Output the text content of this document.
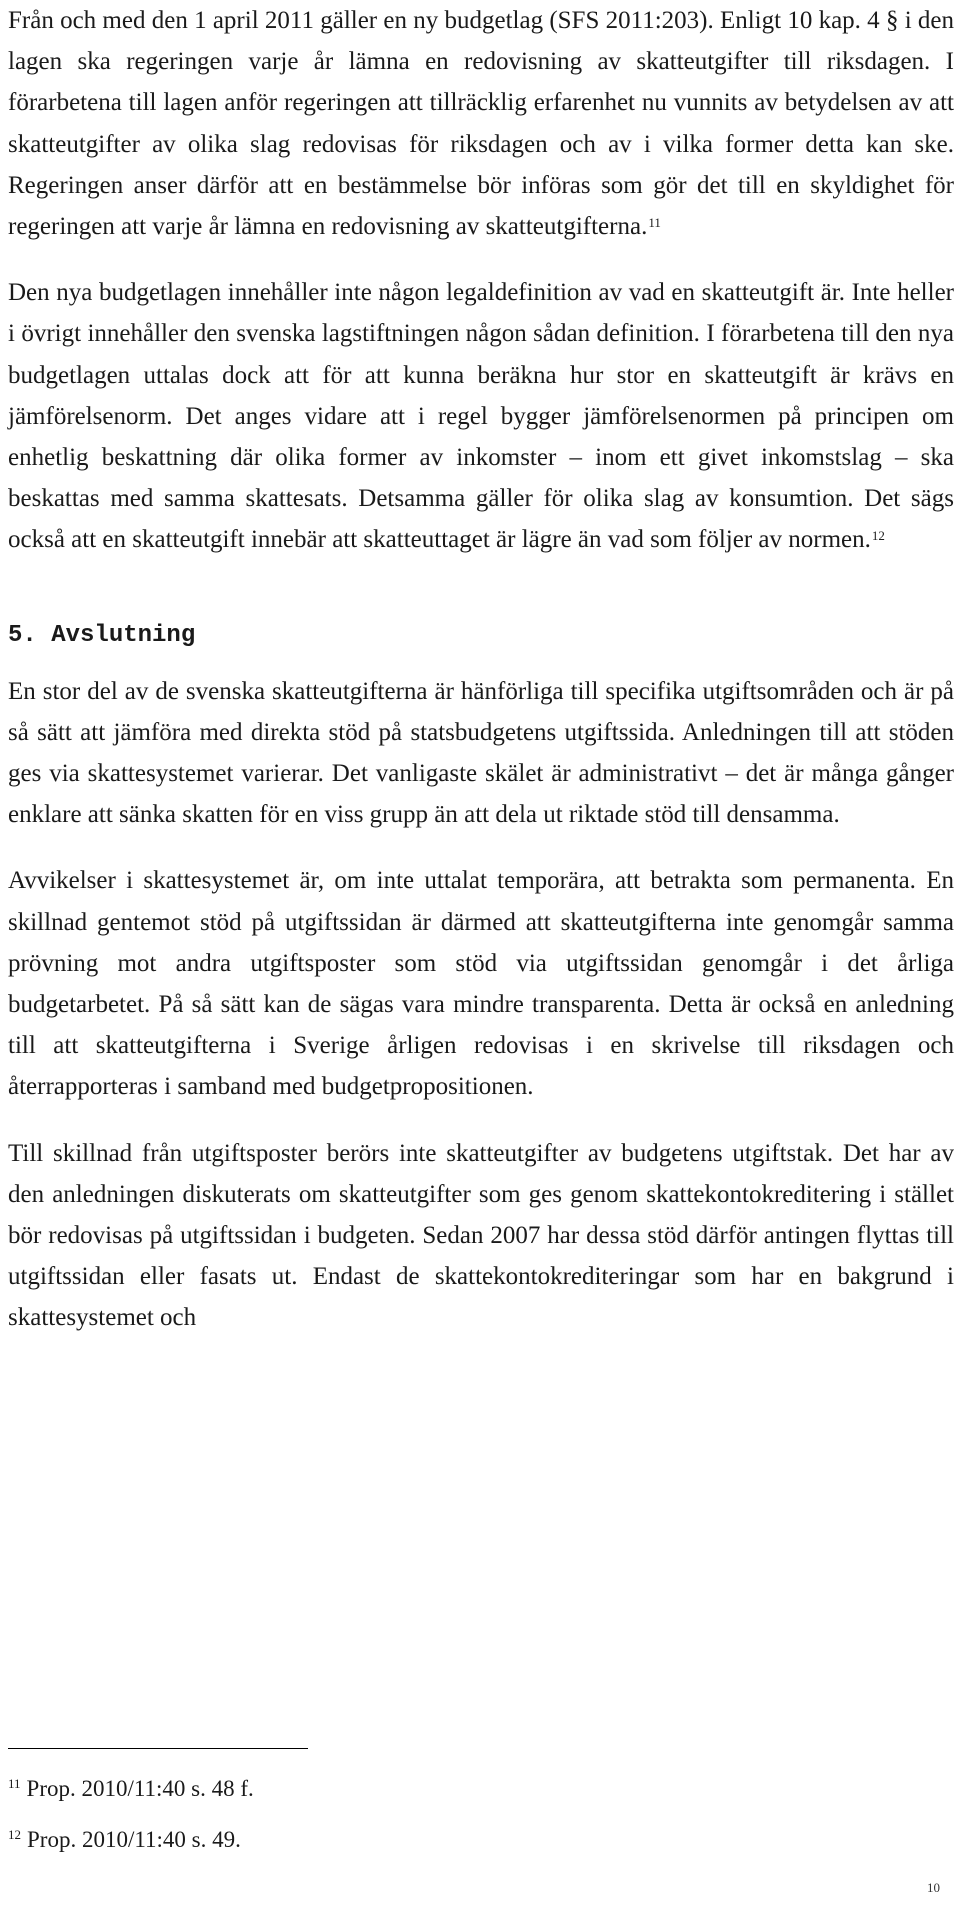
Från och med den 1 april 2011 gäller en ny budgetlag (SFS 2011:203). Enligt 10 kap. 4 § i den lagen ska regeringen varje år lämna en redovisning av skatteutgifter till riksdagen. I förarbetena till lagen anför regeringen att tillräcklig erfarenhet nu vunnits av betydelsen av att skatteutgifter av olika slag redovisas för riksdagen och av i vilka former detta kan ske. Regeringen anser därför att en bestämmelse bör införas som gör det till en skyldighet för regeringen att varje år lämna en redovisning av skatteutgifterna.$^{11}$

Den nya budgetlagen innehåller inte någon legaldefinition av vad en skatteutgift är. Inte heller i övrigt innehåller den svenska lagstiftningen någon sådan definition. I förarbetena till den nya budgetlagen uttalas dock att för att kunna beräkna hur stor en skatteutgift är krävs en jämförelsenorm. Det anges vidare att i regel bygger jämförelsenormen på principen om enhetlig beskattning där olika former av inkomster – inom ett givet inkomstslag – ska beskattas med samma skattesats. Detsamma gäller för olika slag av konsumtion. Det sägs också att en skatteutgift innebär att skatteuttaget är lägre än vad som följer av normen.$^{12}$

5. Avslutning

En stor del av de svenska skatteutgifterna är hänförliga till specifika utgiftsområden och är på så sätt att jämföra med direkta stöd på statsbudgetens utgiftssida. Anledningen till att stöden ges via skattesystemet varierar. Det vanligaste skälet är administrativt – det är många gånger enklare att sänka skatten för en viss grupp än att dela ut riktade stöd till densamma.

Avvikelser i skattesystemet är, om inte uttalat temporära, att betrakta som permanenta. En skillnad gentemot stöd på utgiftssidan är därmed att skatteutgifterna inte genomgår samma prövning mot andra utgiftsposter som stöd via utgiftssidan genomgår i det årliga budgetarbetet. På så sätt kan de sägas vara mindre transparenta. Detta är också en anledning till att skatteutgifterna i Sverige årligen redovisas i en skrivelse till riksdagen och återrapporteras i samband med budgetpropositionen.

Till skillnad från utgiftsposter berörs inte skatteutgifter av budgetens utgiftstak. Det har av den anledningen diskuterats om skatteutgifter som ges genom skattekontokreditering i stället bör redovisas på utgiftssidan i budgeten. Sedan 2007 har dessa stöd därför antingen flyttas till utgiftssidan eller fasats ut. Endast de skattekontokrediteringar som har en bakgrund i skattesystemet och

$^{11}$ Prop. 2010/11:40 s. 48 f.

$^{12}$ Prop. 2010/11:40 s. 49.

10
